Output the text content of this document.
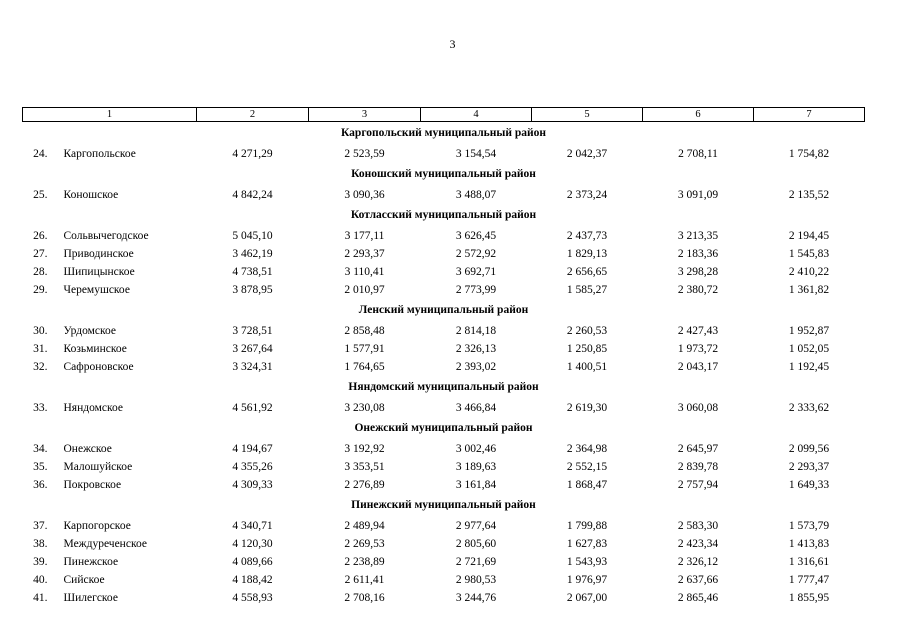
3
1		2	3	4	5	6	7
Каргопольский муниципальный район							
24.	Каргопольское	4 271,29	2 523,59	3 154,54	2 042,37	2 708,11	1 754,82
Коношский муниципальный район							
25.	Коношское	4 842,24	3 090,36	3 488,07	2 373,24	3 091,09	2 135,52
Котласский муниципальный район							
26.	Сольвычегодское	5 045,10	3 177,11	3 626,45	2 437,73	3 213,35	2 194,45
27.	Приводинское	3 462,19	2 293,37	2 572,92	1 829,13	2 183,36	1 545,83
28.	Шипицынское	4 738,51	3 110,41	3 692,71	2 656,65	3 298,28	2 410,22
29.	Черемушское	3 878,95	2 010,97	2 773,99	1 585,27	2 380,72	1 361,82
Ленский муниципальный район							
30.	Урдомское	3 728,51	2 858,48	2 814,18	2 260,53	2 427,43	1 952,87
31.	Козьминское	3 267,64	1 577,91	2 326,13	1 250,85	1 973,72	1 052,05
32.	Сафроновское	3 324,31	1 764,65	2 393,02	1 400,51	2 043,17	1 192,45
Няндомский муниципальный район							
33.	Няндомское	4 561,92	3 230,08	3 466,84	2 619,30	3 060,08	2 333,62
Онежский муниципальный район							
34.	Онежское	4 194,67	3 192,92	3 002,46	2 364,98	2 645,97	2 099,56
35.	Малошуйское	4 355,26	3 353,51	3 189,63	2 552,15	2 839,78	2 293,37
36.	Покровское	4 309,33	2 276,89	3 161,84	1 868,47	2 757,94	1 649,33
Пинежский муниципальный район							
37.	Карпогорское	4 340,71	2 489,94	2 977,64	1 799,88	2 583,30	1 573,79
38.	Междуреченское	4 120,30	2 269,53	2 805,60	1 627,83	2 423,34	1 413,83
39.	Пинежское	4 089,66	2 238,89	2 721,69	1 543,93	2 326,12	1 316,61
40.	Сийское	4 188,42	2 611,41	2 980,53	1 976,97	2 637,66	1 777,47
41.	Шилегское	4 558,93	2 708,16	3 244,76	2 067,00	2 865,46	1 855,95
